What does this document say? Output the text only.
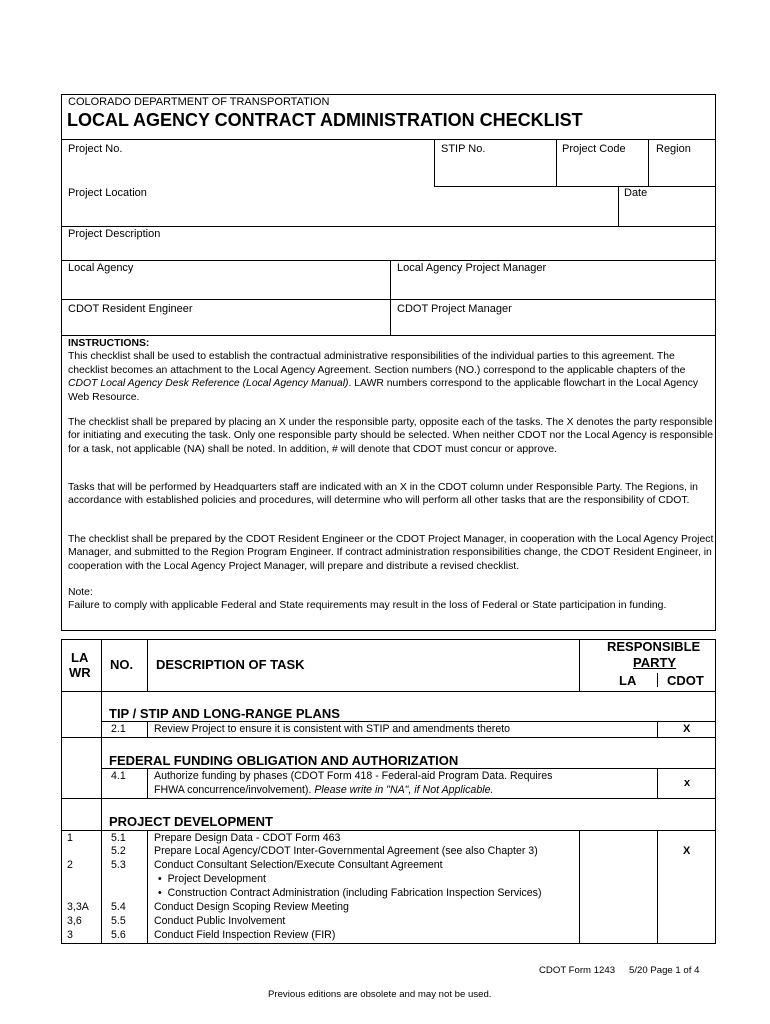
COLORADO DEPARTMENT OF TRANSPORTATION
LOCAL AGENCY CONTRACT ADMINISTRATION CHECKLIST
Project No.	STIP No.	Project Code	Region
Project Location	Date
Project Description
Local Agency	Local Agency Project Manager
CDOT Resident Engineer	CDOT Project Manager
INSTRUCTIONS:
This checklist shall be used to establish the contractual administrative responsibilities of the individual parties to this agreement. The checklist becomes an attachment to the Local Agency Agreement. Section numbers (NO.) correspond to the applicable chapters of the CDOT Local Agency Desk Reference (Local Agency Manual). LAWR numbers correspond to the applicable flowchart in the Local Agency Web Resource.
The checklist shall be prepared by placing an X under the responsible party, opposite each of the tasks. The X denotes the party responsible for initiating and executing the task. Only one responsible party should be selected. When neither CDOT nor the Local Agency is responsible for a task, not applicable (NA) shall be noted. In addition, # will denote that CDOT must concur or approve.
Tasks that will be performed by Headquarters staff are indicated with an X in the CDOT column under Responsible Party. The Regions, in accordance with established policies and procedures, will determine who will perform all other tasks that are the responsibility of CDOT.
The checklist shall be prepared by the CDOT Resident Engineer or the CDOT Project Manager, in cooperation with the Local Agency Project Manager, and submitted to the Region Program Engineer. If contract administration responsibilities change, the CDOT Resident Engineer, in cooperation with the Local Agency Project Manager, will prepare and distribute a revised checklist.
Note:
Failure to comply with applicable Federal and State requirements may result in the loss of Federal or State participation in funding.
LA
WR
NO. DESCRIPTION OF TASK
RESPONSIBLE
PARTY
LA CDOT
TIP / STIP AND LONG-RANGE PLANS
2.1	Review Project to ensure it is consistent with STIP and amendments thereto	X
FEDERAL FUNDING OBLIGATION AND AUTHORIZATION
4.1	Authorize funding by phases (CDOT Form 418 - Federal-aid Program Data. Requires
FHWA concurrence/involvement). Please write in "NA", if Not Applicable.
x
PROJECT DEVELOPMENT
1	5.1	Prepare Design Data - CDOT Form 463
5.2	Prepare Local Agency/CDOT Inter-Governmental Agreement (see also Chapter 3)	X
2	5.3	Conduct Consultant Selection/Execute Consultant Agreement
•  Project Development
•  Construction Contract Administration (including Fabrication Inspection Services)
3,3A 5.4	Conduct Design Scoping Review Meeting
3,6	5.5	Conduct Public Involvement
3	5.6	Conduct Field Inspection Review (FIR)
CDOT Form 1243 5/20 Page 1 of 4
Previous editions are obsolete and may not be used.
